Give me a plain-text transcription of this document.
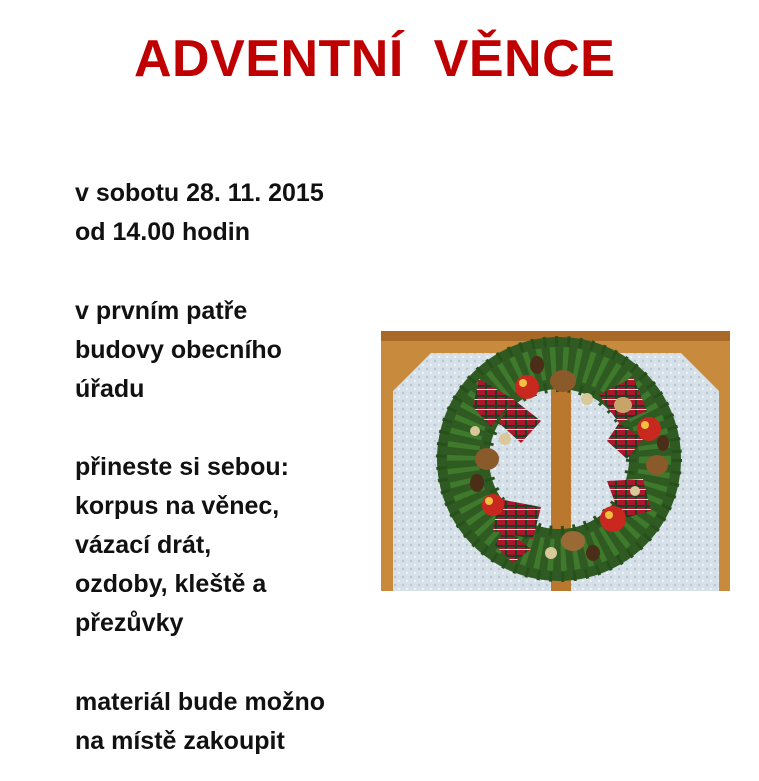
ADVENTNÍ  VĚNCE
v sobotu 28. 11. 2015
od 14.00 hodin
v prvním patře
budovy obecního
úřadu
přineste si sebou:
korpus na věnec,
vázací drát,
ozdoby, kleště a
přezůvky
materiál bude možno
na místě zakoupit
